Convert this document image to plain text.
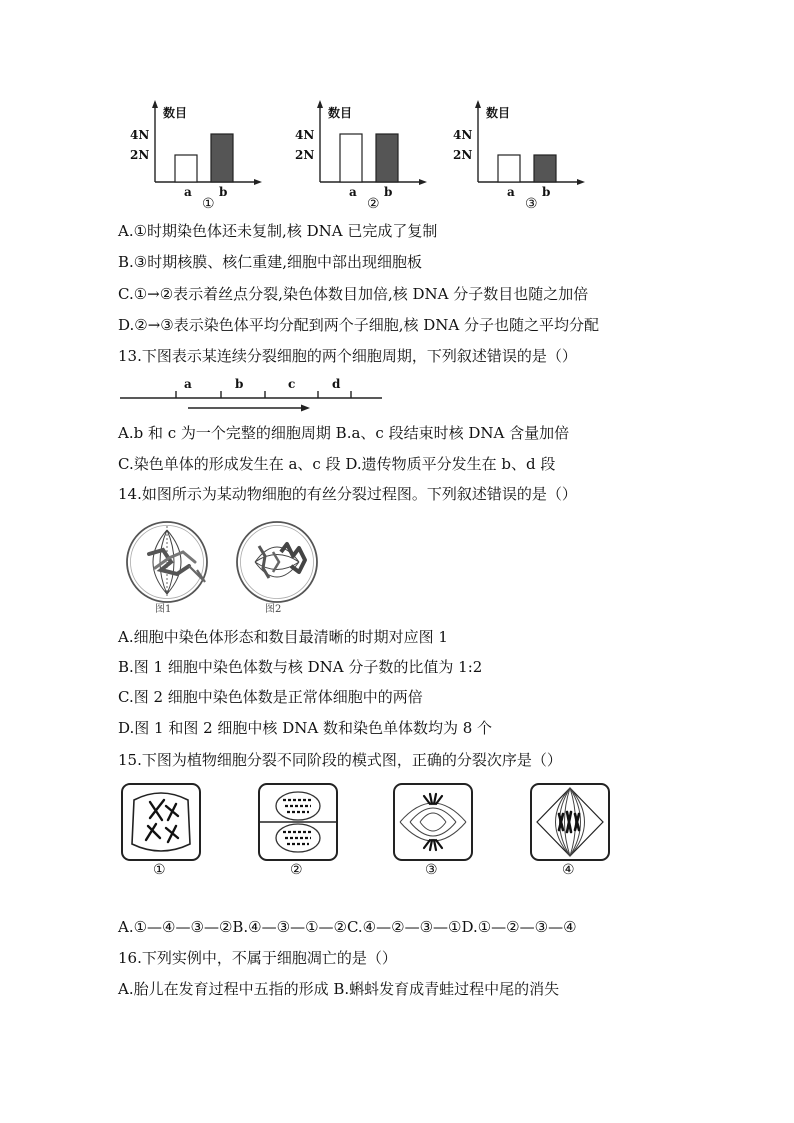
数目
4N
2N
a b
①
数目
4N
2N
a b
②
数目
4N
2N
a b
③
A.①时期染色体还未复制,核 DNA 已完成了复制
B.③时期核膜、核仁重建,细胞中部出现细胞板
C.①→②表示着丝点分裂,染色体数目加倍,核 DNA 分子数目也随之加倍
D.②→③表示染色体平均分配到两个子细胞,核 DNA 分子也随之平均分配
13.下图表示某连续分裂细胞的两个细胞周期，下列叙述错误的是（）
a	b	c	d
A.b 和 c 为一个完整的细胞周期 B.a、c 段结束时核 DNA 含量加倍
C.染色单体的形成发生在 a、c 段 D.遗传物质平分发生在 b、d 段
14.如图所示为某动物细胞的有丝分裂过程图。下列叙述错误的是（）
图1	图2
A.细胞中染色体形态和数目最清晰的时期对应图 1
B.图 1 细胞中染色体数与核 DNA 分子数的比值为 1:2
C.图 2 细胞中染色体数是正常体细胞中的两倍
D.图 1 和图 2 细胞中核 DNA 数和染色单体数均为 8 个
15.下图为植物细胞分裂不同阶段的模式图，正确的分裂次序是（）
①	②	③	④
A.①—④—③—②B.④—③—①—②C.④—②—③—①D.①—②—③—④
16.下列实例中，不属于细胞凋亡的是（）
A.胎儿在发育过程中五指的形成 B.蝌蚪发育成青蛙过程中尾的消失
